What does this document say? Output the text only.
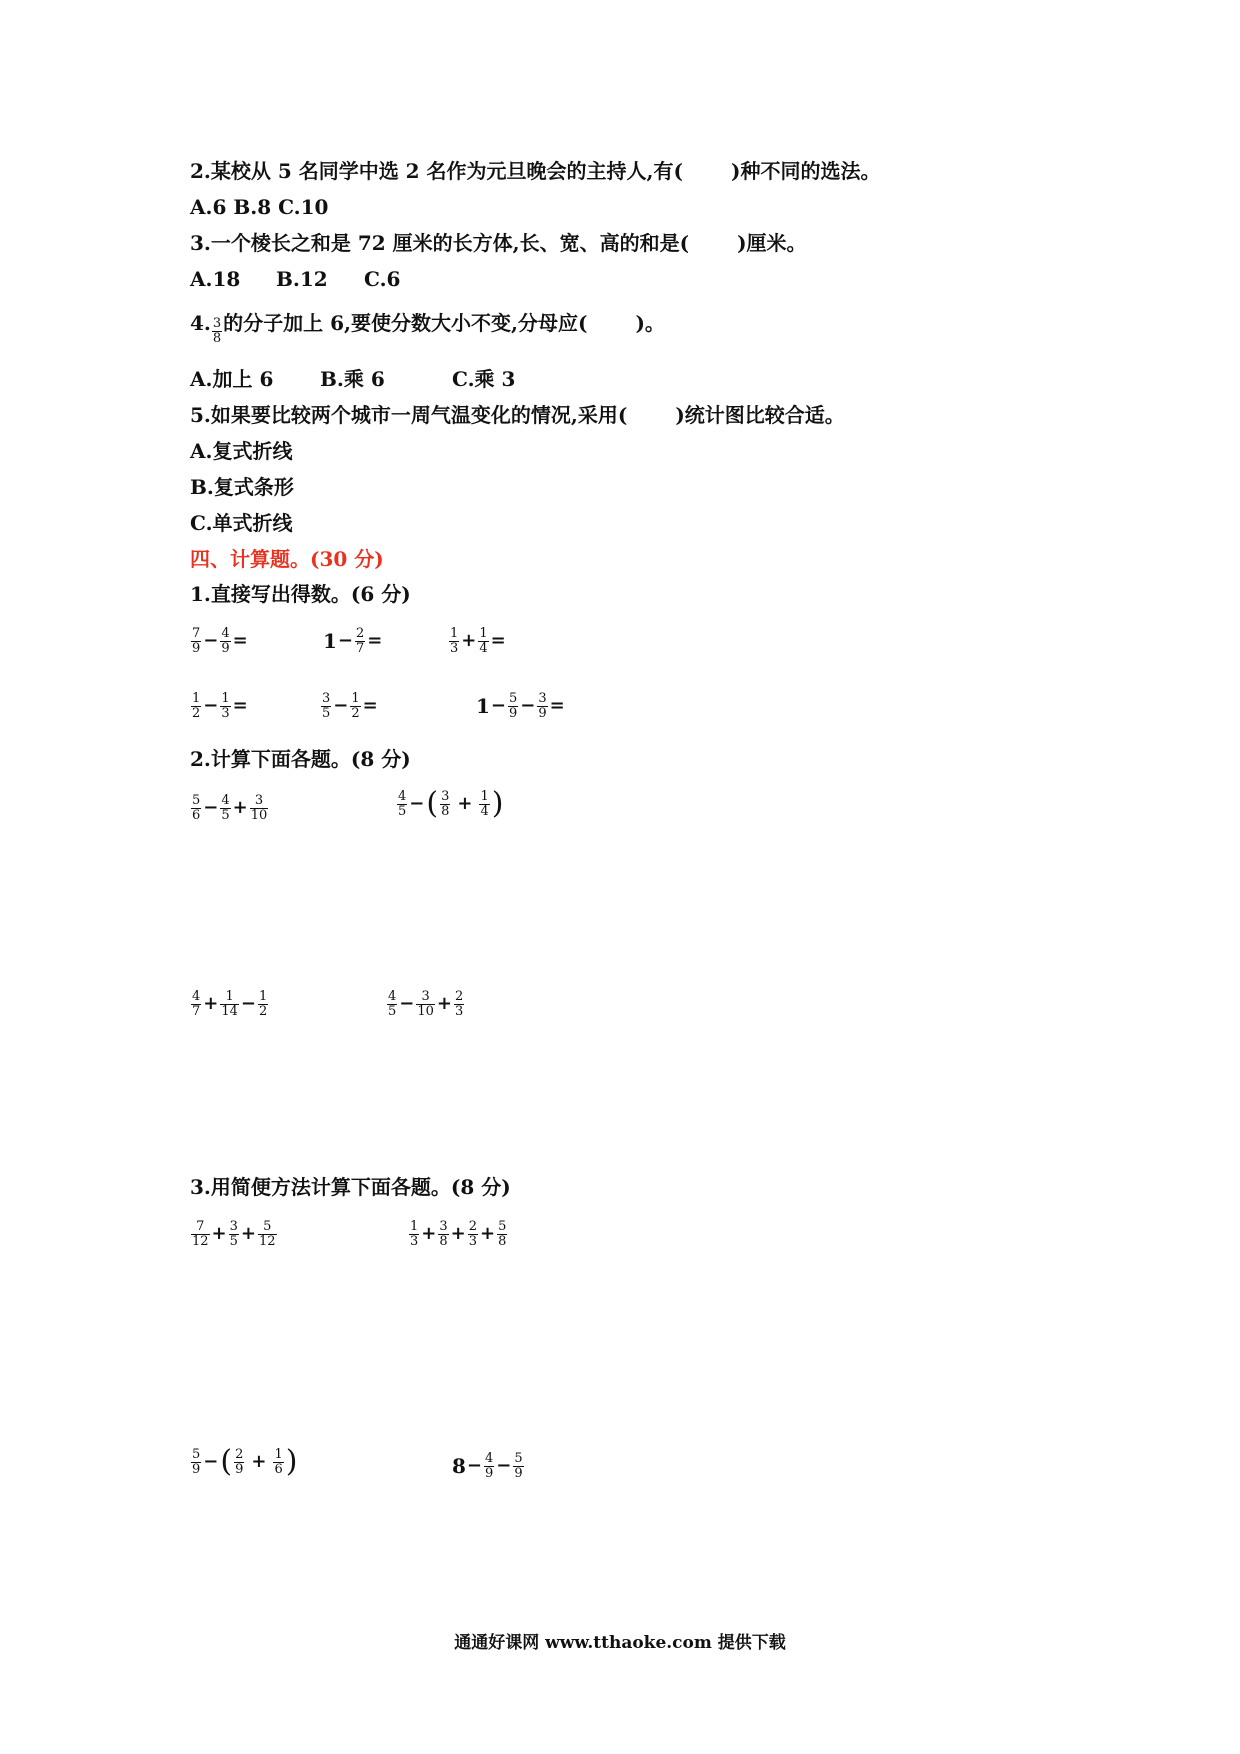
2.某校从 5 名同学中选 2 名作为元旦晚会的主持人,有( )种不同的选法。
A.6 B.8 C.10
3.一个棱长之和是 72 厘米的长方体,长、宽、高的和是( )厘米。
A.18 B.12 C.6
4. $\frac{3}{8}$ 的分子加上 6,要使分数大小不变,分母应( )。
A.加上 6 B.乘 6	C.乘 3
5.如果要比较两个城市一周气温变化的情况,采用( )统计图比较合适。
A.复式折线
B.复式条形
C.单式折线
四、计算题。(30 分)
1.直接写出得数。(6 分)
$\frac{7}{9} - \frac{4}{9}$ =	$1 - \frac{2}{7}$ =	$\frac{1}{3} + \frac{1}{4}$ =
$\frac{1}{2} - \frac{1}{3}$ =	$\frac{3}{5} - \frac{1}{2}$ =	$1 - \frac{5}{9} - \frac{3}{9}$ =
2.计算下面各题。(8 分)
$\frac{5}{6} - \frac{4}{5} + \frac{3}{10}$	$\frac{4}{5}$ − ( $\frac{3}{8} + \frac{1}{4}$ )
$\frac{4}{7} + \frac{1}{14} - \frac{1}{2}$	$\frac{4}{5} - \frac{3}{10} + \frac{2}{3}$
3.用简便方法计算下面各题。(8 分)
$\frac{7}{12} + \frac{3}{5} + \frac{5}{12}$	$\frac{1}{3} + \frac{3}{8} + \frac{2}{3} + \frac{5}{8}$
$\frac{5}{9}$ − ( $\frac{2}{9} + \frac{1}{6}$ )	$8 - \frac{4}{9} - \frac{5}{9}$
通通好课网 www.tthaoke.com 提供下载
